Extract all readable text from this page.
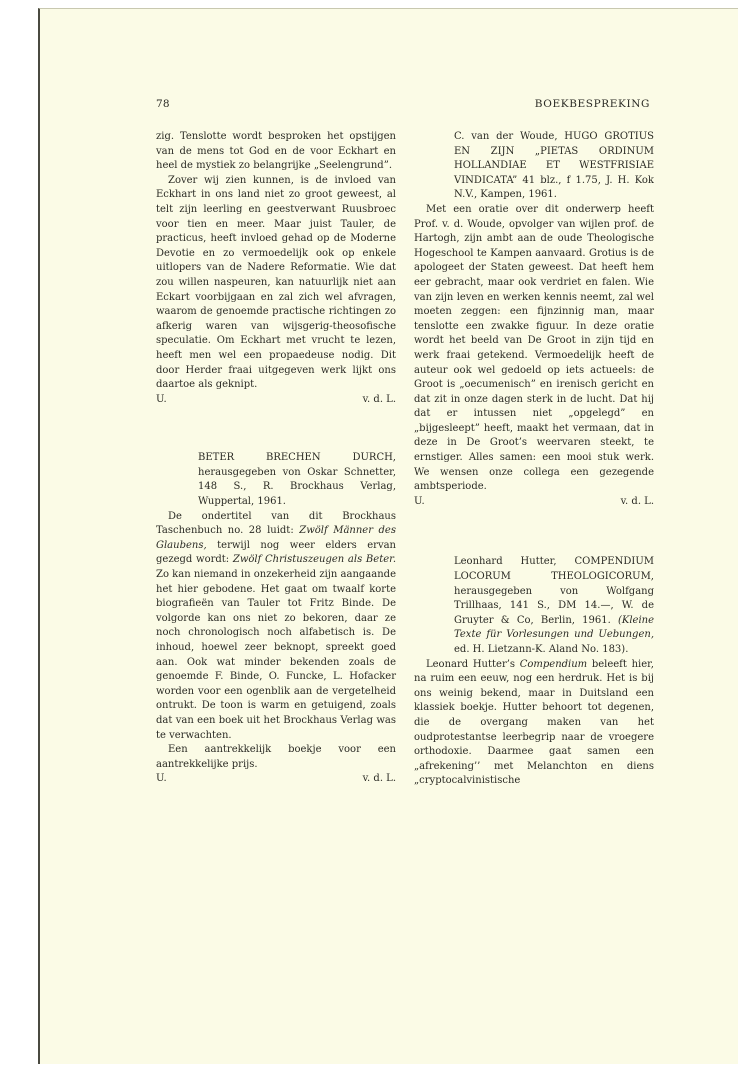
78	BOEKBESPREKING

zig. Tenslotte wordt besproken het opstijgen van de mens tot God en de voor Eckhart en heel de mystiek zo belangrijke „Seelengrund”.

Zover wij zien kunnen, is de invloed van Eckhart in ons land niet zo groot geweest, al telt zijn leerling en geestverwant Ruusbroec voor tien en meer. Maar juist Tauler, de practicus, heeft invloed gehad op de Moderne Devotie en zo vermoedelijk ook op enkele uitlopers van de Nadere Reformatie. Wie dat zou willen naspeuren, kan natuurlijk niet aan Eckart voorbijgaan en zal zich wel afvragen, waarom de genoemde practische richtingen zo afkerig waren van wijsgerig-theosofische speculatie. Om Eckhart met vrucht te lezen, heeft men wel een propaedeuse nodig. Dit door Herder fraai uitgegeven werk lijkt ons daartoe als geknipt.

U.	v. d. L.
BETER BRECHEN DURCH, herausgegeben von Oskar Schnetter, 148 S., R. Brockhaus Verlag, Wuppertal, 1961.

De ondertitel van dit Brockhaus Taschenbuch no. 28 luidt: Zwölf Männer des Glaubens, terwijl nog weer elders ervan gezegd wordt: Zwölf Christuszeugen als Beter. Zo kan niemand in onzekerheid zijn aangaande het hier gebodene. Het gaat om twaalf korte biografieën van Tauler tot Fritz Binde. De volgorde kan ons niet zo bekoren, daar ze noch chronologisch noch alfabetisch is. De inhoud, hoewel zeer beknopt, spreekt goed aan. Ook wat minder bekenden zoals de genoemde F. Binde, O. Funcke, L. Hofacker worden voor een ogenblik aan de vergetelheid ontrukt. De toon is warm en getuigend, zoals dat van een boek uit het Brockhaus Verlag was te verwachten.

Een aantrekkelijk boekje voor een aantrekkelijke prijs.

U.	v. d. L.
C. van der Woude, HUGO GROTIUS EN ZIJN „PIETAS ORDINUM HOLLANDIAE ET WESTFRISIAE VINDICATA” 41 blz., f 1.75, J. H. Kok N.V., Kampen, 1961.

Met een oratie over dit onderwerp heeft Prof. v. d. Woude, opvolger van wijlen prof. de Hartogh, zijn ambt aan de oude Theologische Hogeschool te Kampen aanvaard. Grotius is de apologeet der Staten geweest. Dat heeft hem eer gebracht, maar ook verdriet en falen. Wie van zijn leven en werken kennis neemt, zal wel moeten zeggen: een fijnzinnig man, maar tenslotte een zwakke figuur. In deze oratie wordt het beeld van De Groot in zijn tijd en werk fraai getekend. Vermoedelijk heeft de auteur ook wel gedoeld op iets actueels: de Groot is „oecumenisch” en irenisch gericht en dat zit in onze dagen sterk in de lucht. Dat hij dat er intussen niet „opgelegd” en „bijgesleept” heeft, maakt het vermaan, dat in deze in De Groot’s weervaren steekt, te ernstiger. Alles samen: een mooi stuk werk. We wensen onze collega een gezegende ambtsperiode.

U.	v. d. L.
Leonhard Hutter, COMPENDIUM LOCORUM THEOLOGICORUM, herausgegeben von Wolfgang Trillhaas, 141 S., DM 14.—, W. de Gruyter & Co, Berlin, 1961. (Kleine Texte für Vorlesungen und Uebungen, ed. H. Lietzann-K. Aland No. 183).

Leonard Hutter’s Compendium beleeft hier, na ruim een eeuw, nog een herdruk. Het is bij ons weinig bekend, maar in Duitsland een klassiek boekje. Hutter behoort tot degenen, die de overgang maken van het oudprotestantse leerbegrip naar de vroegere orthodoxie. Daarmee gaat samen een „afrekening’’ met Melanchton en diens „cryptocalvinistische
